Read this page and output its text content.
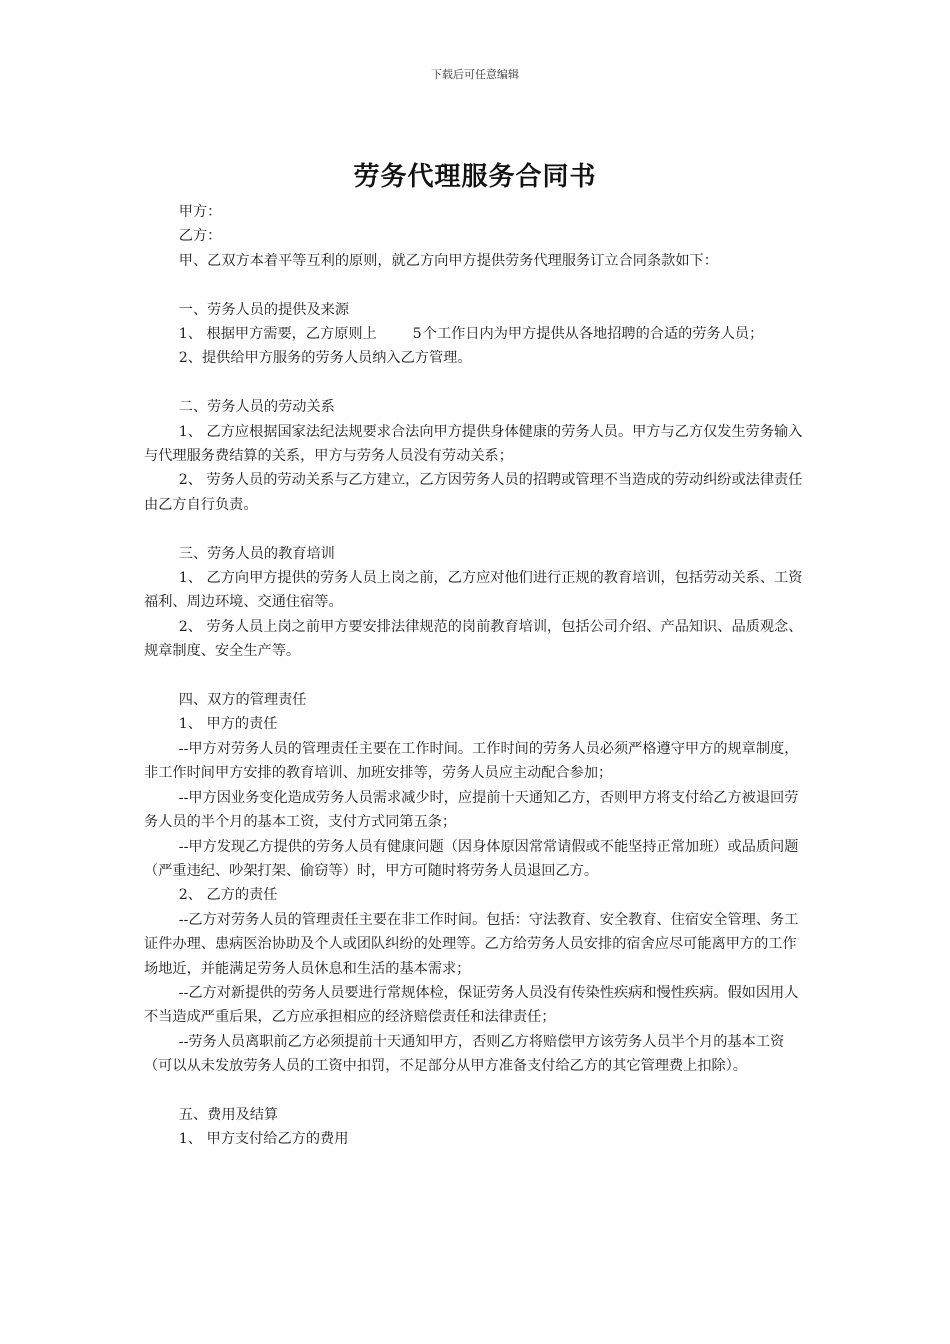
下载后可任意编辑
劳务代理服务合同书

甲方：

乙方：

甲、乙双方本着平等互利的原则，就乙方向甲方提供劳务代理服务订立合同条款如下：

一、劳务人员的提供及来源

1、 根据甲方需要，乙方原则上	5个工作日内为甲方提供从各地招聘的合适的劳务人员；

2、提供给甲方服务的劳务人员纳入乙方管理。

二、劳务人员的劳动关系

1、 乙方应根据国家法纪法规要求合法向甲方提供身体健康的劳务人员。甲方与乙方仅发生劳务输入与代理服务费结算的关系，甲方与劳务人员没有劳动关系；

2、 劳务人员的劳动关系与乙方建立，乙方因劳务人员的招聘或管理不当造成的劳动纠纷或法律责任由乙方自行负责。

三、劳务人员的教育培训

1、 乙方向甲方提供的劳务人员上岗之前，乙方应对他们进行正规的教育培训，包括劳动关系、工资福利、周边环境、交通住宿等。

2、 劳务人员上岗之前甲方要安排法律规范的岗前教育培训，包括公司介绍、产品知识、品质观念、规章制度、安全生产等。

四、双方的管理责任

1、 甲方的责任

--甲方对劳务人员的管理责任主要在工作时间。工作时间的劳务人员必须严格遵守甲方的规章制度，非工作时间甲方安排的教育培训、加班安排等，劳务人员应主动配合参加；

--甲方因业务变化造成劳务人员需求减少时，应提前十天通知乙方，否则甲方将支付给乙方被退回劳务人员的半个月的基本工资，支付方式同第五条；

--甲方发现乙方提供的劳务人员有健康问题（因身体原因常常请假或不能坚持正常加班）或品质问题（严重违纪、吵架打架、偷窃等）时，甲方可随时将劳务人员退回乙方。

2、 乙方的责任

--乙方对劳务人员的管理责任主要在非工作时间。包括：守法教育、安全教育、住宿安全管理、务工证件办理、患病医治协助及个人或团队纠纷的处理等。乙方给劳务人员安排的宿舍应尽可能离甲方的工作场地近，并能满足劳务人员休息和生活的基本需求；

--乙方对新提供的劳务人员要进行常规体检，保证劳务人员没有传染性疾病和慢性疾病。假如因用人不当造成严重后果，乙方应承担相应的经济赔偿责任和法律责任；

--劳务人员离职前乙方必须提前十天通知甲方，否则乙方将赔偿甲方该劳务人员半个月的基本工资（可以从未发放劳务人员的工资中扣罚，不足部分从甲方准备支付给乙方的其它管理费上扣除）。

五、费用及结算

1、 甲方支付给乙方的费用
